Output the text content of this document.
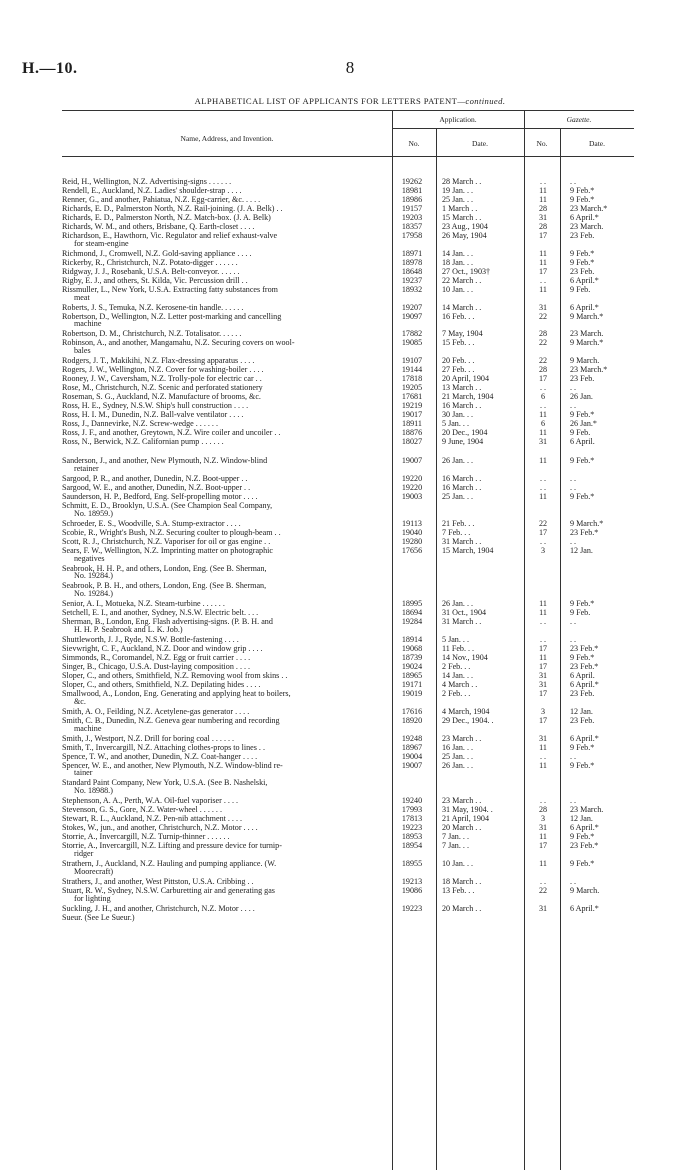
H.—10.	8
ALPHABETICAL LIST OF APPLICANTS FOR LETTERS PATENT—continued.
Name, Address, and Invention.
Application.	Gazette.
No.	Date.	No.	Date.
Reid, H., Wellington, N.Z. Advertising-signs . . . . . .	19262	28 March . .	. .	. .
Rendell, E., Auckland, N.Z. Ladies' shoulder-strap . . . .	18981	19 Jan. . .	11	9 Feb.*
Renner, G., and another, Pahiatua, N.Z. Egg-carrier, &c. . . . .	18986	25 Jan. . .	11	9 Feb.*
Richards, E. D., Palmerston North, N.Z. Rail-joining. (J. A. Belk) . .	19157	1 March . .	28	23 March.*
Richards, E. D., Palmerston North, N.Z. Match-box. (J. A. Belk)	19203	15 March . .	31	6 April.*
Richards, W. M., and others, Brisbane, Q. Earth-closet . . . .	18357	23 Aug., 1904	28	23 March.
Richardson, E., Hawthorn, Vic. Regulator and relief exhaust-valve
for steam-engine
17958	26 May, 1904	17	23 Feb.
Richmond, J., Cromwell, N.Z. Gold-saving appliance . . . .	18971	14 Jan. . .	11	9 Feb.*
Rickerby, R., Christchurch, N.Z. Potato-digger . . . . . .	18978	18 Jan. . .	11	9 Feb.*
Ridgway, J. J., Rosebank, U.S.A. Belt-conveyor. . . . . .	18648	27 Oct., 1903†	17	23 Feb.
Rigby, E. J., and others, St. Kilda, Vic. Percussion drill . .	19237	22 March . .	. .	6 April.*
Rissmuller, L., New York, U.S.A. Extracting fatty substances from
meat
18932	10 Jan. . .	11	9 Feb.
Roberts, J. S., Temuka, N.Z. Kerosene-tin handle. . . . . .	19207	14 March . .	31	6 April.*
Robertson, D., Wellington, N.Z. Letter post-marking and cancelling
machine
19097	16 Feb. . .	22	9 March.*
Robertson, D. M., Christchurch, N.Z. Totalisator. . . . . .	17882	7 May, 1904	28	23 March.
Robinson, A., and another, Mangamahu, N.Z. Securing covers on wool-
bales
19085	15 Feb. . .	22	9 March.*
Rodgers, J. T., Makikihi, N.Z. Flax-dressing apparatus . . . .	19107	20 Feb. . .	22	9 March.
Rogers, J. W., Wellington, N.Z. Cover for washing-boiler . . . .	19144	27 Feb. . .	28	23 March.*
Rooney, J. W., Caversham, N.Z. Trolly-pole for electric car . .	17818	20 April, 1904	17	23 Feb.
Rose, M., Christchurch, N.Z. Scenic and perforated stationery	19205	13 March . .	. .	. .
Roseman, S. G., Auckland, N.Z. Manufacture of brooms, &c.	17681	21 March, 1904	6	26 Jan.
Ross, H. E., Sydney, N.S.W. Ship's hull construction . . . .	19219	16 March . .	. .	. .
Ross, H. I. M., Dunedin, N.Z. Ball-valve ventilator . . . .	19017	30 Jan. . .	11	9 Feb.*
Ross, J., Dannevirke, N.Z. Screw-wedge . . . . . .	18911	5 Jan. . .	6	26 Jan.*
Ross, J. F., and another, Greytown, N.Z. Wire coiler and uncoiler . .	18876	20 Dec., 1904	11	9 Feb.
Ross, N., Berwick, N.Z. Californian pump . . . . . .	18027	9 June, 1904	31	6 April.
Sanderson, J., and another, New Plymouth, N.Z. Window-blind
retainer
19007	26 Jan. . .	11	9 Feb.*
Sargood, P. R., and another, Dunedin, N.Z. Boot-upper . .	19220	16 March . .	. .	. .
Sargood, W. E., and another, Dunedin, N.Z. Boot-upper . .	19220	16 March . .	. .	. .
Saunderson, H. P., Bedford, Eng. Self-propelling motor . . . .	19003	25 Jan. . .	11	9 Feb.*
Schmitt, E. D., Brooklyn, U.S.A. (See Champion Seal Company,
No. 18959.)
Schroeder, E. S., Woodville, S.A. Stump-extractor . . . .	19113	21 Feb. . .	22	9 March.*
Scobie, R., Wright's Bush, N.Z. Securing coulter to plough-beam . .	19040	7 Feb. . .	17	23 Feb.*
Scott, R. J., Christchurch, N.Z. Vaporiser for oil or gas engine . .	19280	31 March . .	. .	. .
Sears, F. W., Wellington, N.Z. Imprinting matter on photographic
negatives
17656	15 March, 1904	3	12 Jan.
Seabrook, H. H. P., and others, London, Eng. (See B. Sherman,
No. 19284.)
Seabrook, P. B. H., and others, London, Eng. (See B. Sherman,
No. 19284.)
Senior, A. I., Motueka, N.Z. Steam-turbine . . . . . .	18995	26 Jan. . .	11	9 Feb.*
Setchell, E. I., and another, Sydney, N.S.W. Electric belt. . . .	18694	31 Oct., 1904	11	9 Feb.
Sherman, B., London, Eng. Flash advertising-signs. (P. B. H. and
H. H. P. Seabrook and L. K. Job.)
19284	31 March . .	. .	. .
Shuttleworth, J. J., Ryde, N.S.W. Bottle-fastening . . . .	18914	5 Jan. . .	. .	. .
Sievwright, C. F., Auckland, N.Z. Door and window grip . . . .	19068	11 Feb. . .	17	23 Feb.*
Simmonds, R., Coromandel, N.Z. Egg or fruit carrier . . . .	18739	14 Nov., 1904	11	9 Feb.*
Singer, B., Chicago, U.S.A. Dust-laying composition . . . .	19024	2 Feb. . .	17	23 Feb.*
Sloper, C., and others, Smithfield, N.Z. Removing wool from skins . .	18965	14 Jan. . .	31	6 April.
Sloper, C., and others, Smithfield, N.Z. Depilating hides . . . .	19171	4 March . .	31	6 April.*
Smallwood, A., London, Eng. Generating and applying heat to boilers,
&c.
19019	2 Feb. . .	17	23 Feb.
Smith, A. O., Feilding, N.Z. Acetylene-gas generator . . . .	17616	4 March, 1904	3	12 Jan.
Smith, C. B., Dunedin, N.Z. Geneva gear numbering and recording
machine
18920	29 Dec., 1904. .	17	23 Feb.
Smith, J., Westport, N.Z. Drill for boring coal . . . . . .	19248	23 March . .	31	6 April.*
Smith, T., Invercargill, N.Z. Attaching clothes-props to lines . .	18967	16 Jan. . .	11	9 Feb.*
Spence, T. W., and another, Dunedin, N.Z. Coat-hanger . . . .	19004	25 Jan. . .	. .	. .
Spencer, W. E., and another, New Plymouth, N.Z. Window-blind re-
tainer
19007	26 Jan. . .	11	9 Feb.*
Standard Paint Company, New York, U.S.A. (See B. Nashelski,
No. 18988.)
Stephenson, A. A., Perth, W.A. Oil-fuel vaporiser . . . .	19240	23 March . .	. .	. .
Stevenson, G. S., Gore, N.Z. Water-wheel . . . . . .	17993	31 May, 1904. .	28	23 March.
Stewart, R. L., Auckland, N.Z. Pen-nib attachment . . . .	17813	21 April, 1904	3	12 Jan.
Stokes, W., jun., and another, Christchurch, N.Z. Motor . . . .	19223	20 March . .	31	6 April.*
Storrie, A., Invercargill, N.Z. Turnip-thinner . . . . . .	18953	7 Jan. . .	11	9 Feb.*
Storrie, A., Invercargill, N.Z. Lifting and pressure device for turnip-
ridger
18954	7 Jan. . .	17	23 Feb.*
Strathern, J., Auckland, N.Z. Hauling and pumping appliance. (W.
Moorecraft)
18955	10 Jan. . .	11	9 Feb.*
Strathers, J., and another, West Pittston, U.S.A. Cribbing . .	19213	18 March . .	. .	. .
Stuart, R. W., Sydney, N.S.W. Carburetting air and generating gas
for lighting
19086	13 Feb. . .	22	9 March.
Suckling, J. H., and another, Christchurch, N.Z. Motor . . . .	19223	20 March . .	31	6 April.*
Sueur. (See Le Sueur.)
